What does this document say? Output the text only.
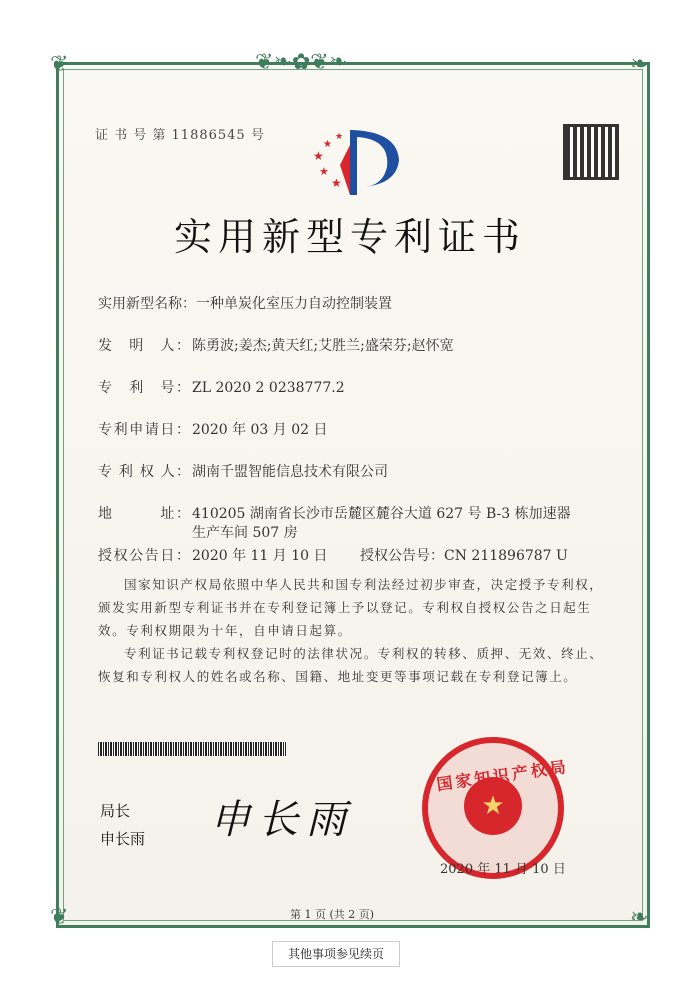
❦❧✿❦❧
❦	❧
❦	❧
证 书 号 第 11886545 号
★
★
★
★
★
实用新型专利证书
实用新型名称：一种单炭化室压力自动控制装置
发　明　人： 陈勇波;姜杰;黄天红;艾胜兰;盛荣芬;赵怀宽
专　利　号： ZL 2020 2 0238777.2
专利申请日： 2020 年 03 月 02 日
专 利 权 人： 湖南千盟智能信息技术有限公司
地　　　址： 410205 湖南省长沙市岳麓区麓谷大道 627 号 B-3 栋加速器
生产车间 507 房
授权公告日： 2020 年 11 月 10 日 授权公告号：CN 211896787 U
国家知识产权局依照中华人民共和国专利法经过初步审查，决定授予专利权，颁发实用新型专利证书并在专利登记簿上予以登记。专利权自授权公告之日起生效。专利权期限为十年，自申请日起算。
专利证书记载专利权登记时的法律状况。专利权的转移、质押、无效、终止、恢复和专利权人的姓名或名称、国籍、地址变更等事项记载在专利登记簿上。
局长
申长雨 申长雨	★
国家知识产权局
2020 年 11 月 10 日
第 1 页 (共 2 页)
其他事项参见续页
